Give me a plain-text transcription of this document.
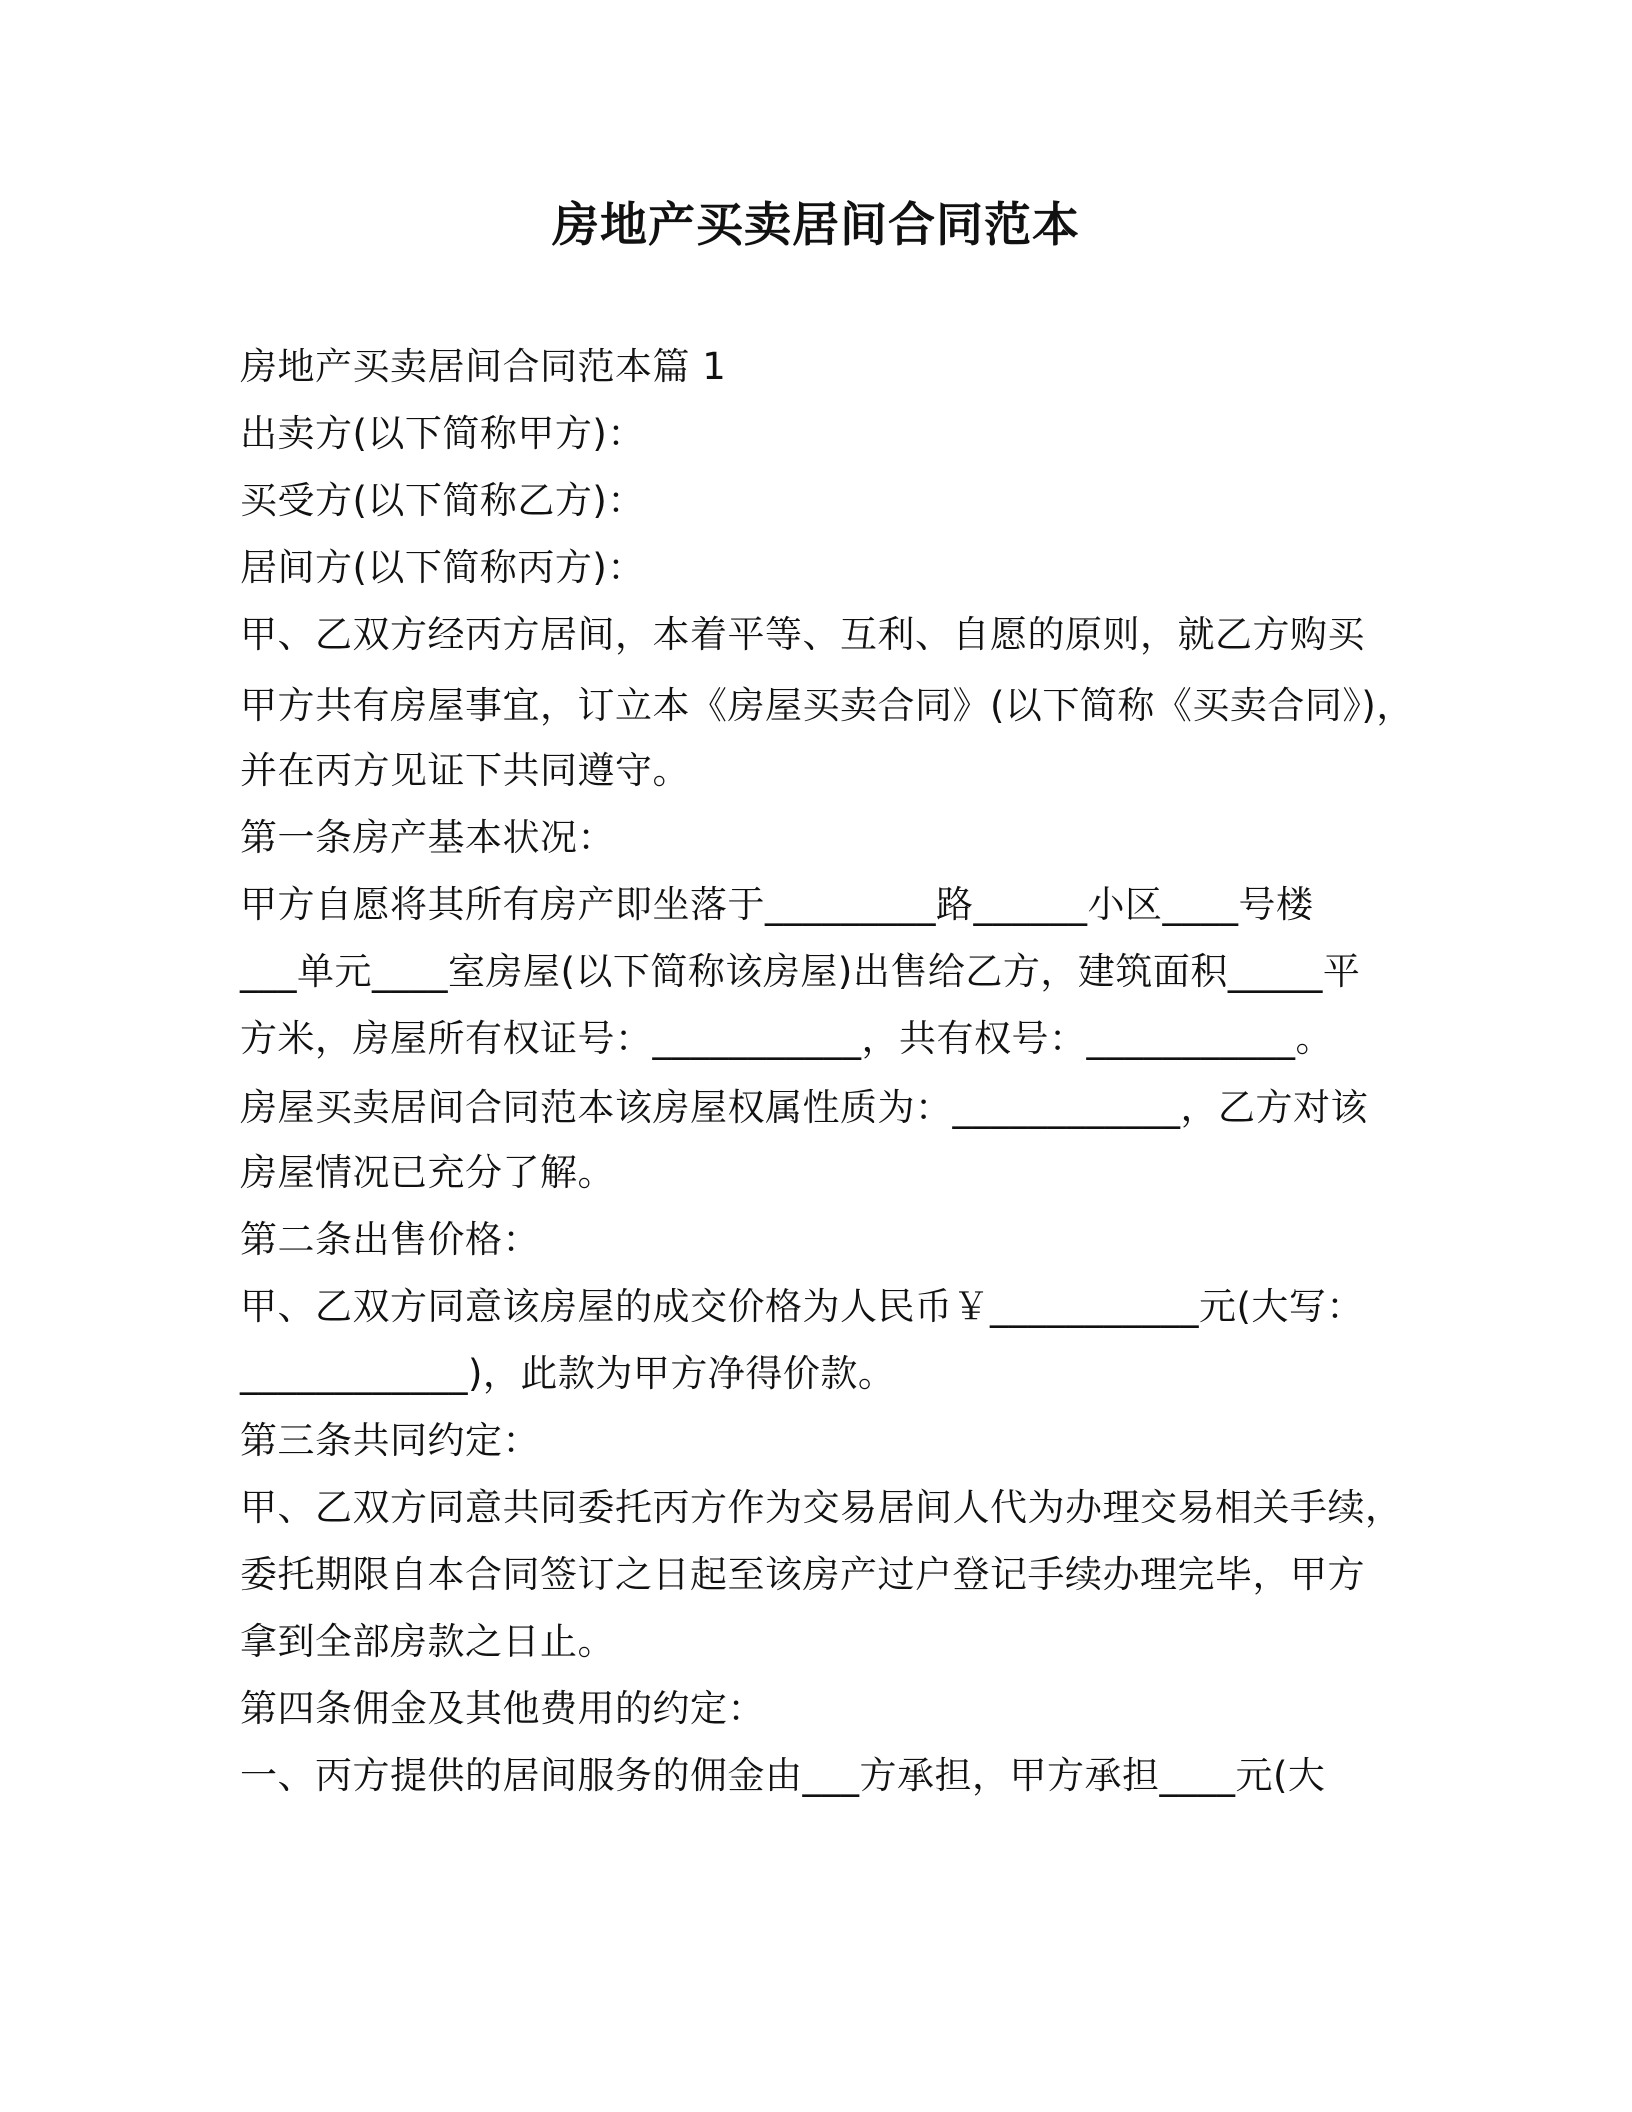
房地产买卖居间合同范本
房地产买卖居间合同范本篇 1
出卖方(以下简称甲方)：
买受方(以下简称乙方)：
居间方(以下简称丙方)：
甲、乙双方经丙方居间，本着平等、互利、自愿的原则，就乙方购买
甲方共有房屋事宜，订立本《房屋买卖合同》(以下简称《买卖合同》)，
并在丙方见证下共同遵守。
第一条房产基本状况：
甲方自愿将其所有房产即坐落于_________路______小区____号楼
___单元____室房屋(以下简称该房屋)出售给乙方，建筑面积_____平
方米，房屋所有权证号：___________，共有权号：___________。
房屋买卖居间合同范本该房屋权属性质为：____________，乙方对该
房屋情况已充分了解。
第二条出售价格：
甲、乙双方同意该房屋的成交价格为人民币￥___________元(大写：
____________)，此款为甲方净得价款。
第三条共同约定：
甲、乙双方同意共同委托丙方作为交易居间人代为办理交易相关手续，
委托期限自本合同签订之日起至该房产过户登记手续办理完毕，甲方
拿到全部房款之日止。
第四条佣金及其他费用的约定：
一、丙方提供的居间服务的佣金由___方承担，甲方承担____元(大
